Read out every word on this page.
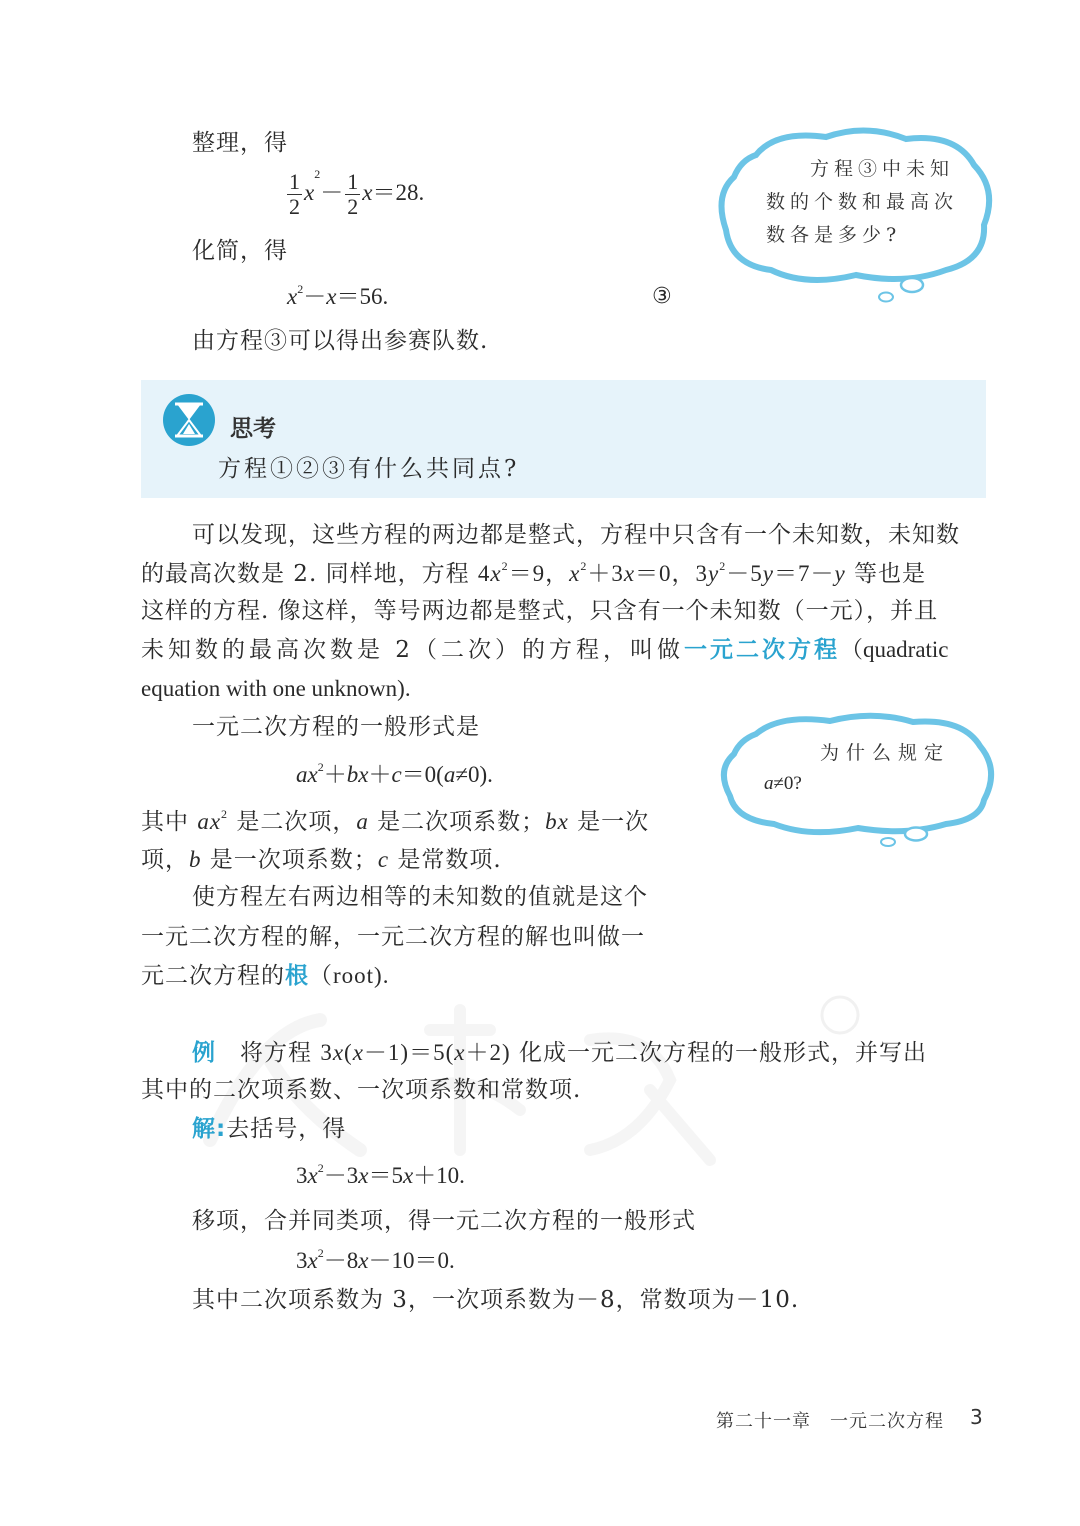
整理，得
$\frac{1}{2} x^2- \frac{1}{2} x=28$.
化简，得
$x^2-x=56$.	③
由方程③可以得出参赛队数.
方程③中未知
数的个数和最高次
数各是多少?
思考
方程①②③有什么共同点?
可以发现，这些方程的两边都是整式，方程中只含有一个未知数，未知数
的最高次数是 2. 同样地，方程 $4x^2=9$，$x^2+3x=0$，$3y^2-5y=7-y$ 等也是
这样的方程. 像这样，等号两边都是整式，只含有一个未知数（一元），并且
未知数的最高次数是 2（二次）的方程，叫做一元二次方程（quadratic
equation with one unknown).
一元二次方程的一般形式是
$ax^2+bx+c=0(a\ne 0)$.
其中 $ax^2$ 是二次项，a 是二次项系数；bx 是一次
项，b 是一次项系数；c 是常数项.
使方程左右两边相等的未知数的值就是这个
一元二次方程的解，一元二次方程的解也叫做一
元二次方程的根（root).
为什么规定
a≠0?
例　将方程 3x(x－1)＝5(x＋2) 化成一元二次方程的一般形式，并写出
其中的二次项系数、一次项系数和常数项.
解:去括号，得
$3x^2-3x=5x+10$.
移项，合并同类项，得一元二次方程的一般形式
$3x^2-8x-10=0$.
其中二次项系数为 3，一次项系数为－8，常数项为－10.
第二十一章　一元二次方程 3
